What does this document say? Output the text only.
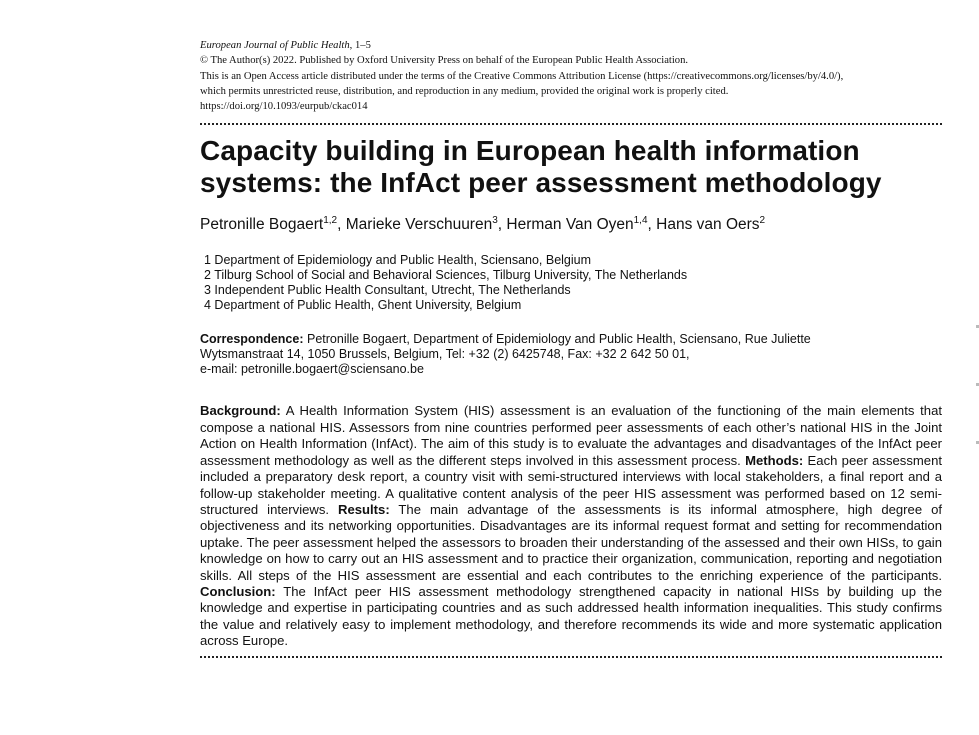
European Journal of Public Health, 1–5
© The Author(s) 2022. Published by Oxford University Press on behalf of the European Public Health Association.
This is an Open Access article distributed under the terms of the Creative Commons Attribution License (https://creativecommons.org/licenses/by/4.0/),
which permits unrestricted reuse, distribution, and reproduction in any medium, provided the original work is properly cited.
https://doi.org/10.1093/eurpub/ckac014
Capacity building in European health information
systems: the InfAct peer assessment methodology
Petronille Bogaert$^{1,2}$, Marieke Verschuuren$^3$, Herman Van Oyen$^{1,4}$, Hans van Oers$^2$
1 Department of Epidemiology and Public Health, Sciensano, Belgium
2 Tilburg School of Social and Behavioral Sciences, Tilburg University, The Netherlands
3 Independent Public Health Consultant, Utrecht, The Netherlands
4 Department of Public Health, Ghent University, Belgium
Correspondence: Petronille Bogaert, Department of Epidemiology and Public Health, Sciensano, Rue Juliette
Wytsmanstraat 14, 1050 Brussels, Belgium, Tel: +32 (2) 6425748, Fax: +32 2 642 50 01,
e-mail: petronille.bogaert@sciensano.be
Background: A Health Information System (HIS) assessment is an evaluation of the functioning of the main elements that compose a national HIS. Assessors from nine countries performed peer assessments of each other’s national HIS in the Joint Action on Health Information (InfAct). The aim of this study is to evaluate the advantages and disadvantages of the InfAct peer assessment methodology as well as the different steps involved in this assessment process. Methods: Each peer assessment included a preparatory desk report, a country visit with semi-structured interviews with local stakeholders, a final report and a follow-up stakeholder meeting. A qualitative content analysis of the peer HIS assessment was performed based on 12 semi-structured interviews. Results: The main advantage of the assessments is its informal atmosphere, high degree of objectiveness and its networking opportunities. Disadvantages are its informal request format and setting for recommendation uptake. The peer assessment helped the assessors to broaden their understanding of the assessed and their own HISs, to gain knowledge on how to carry out an HIS assessment and to practice their organization, communication, reporting and negotiation skills. All steps of the HIS assessment are essential and each contributes to the enriching experience of the participants. Conclusion: The InfAct peer HIS assessment methodology strengthened capacity in national HISs by building up the knowledge and expertise in participating countries and as such addressed health information inequalities. This study confirms the value and relatively easy to implement methodology, and therefore recommends its wide and more systematic application across Europe.
